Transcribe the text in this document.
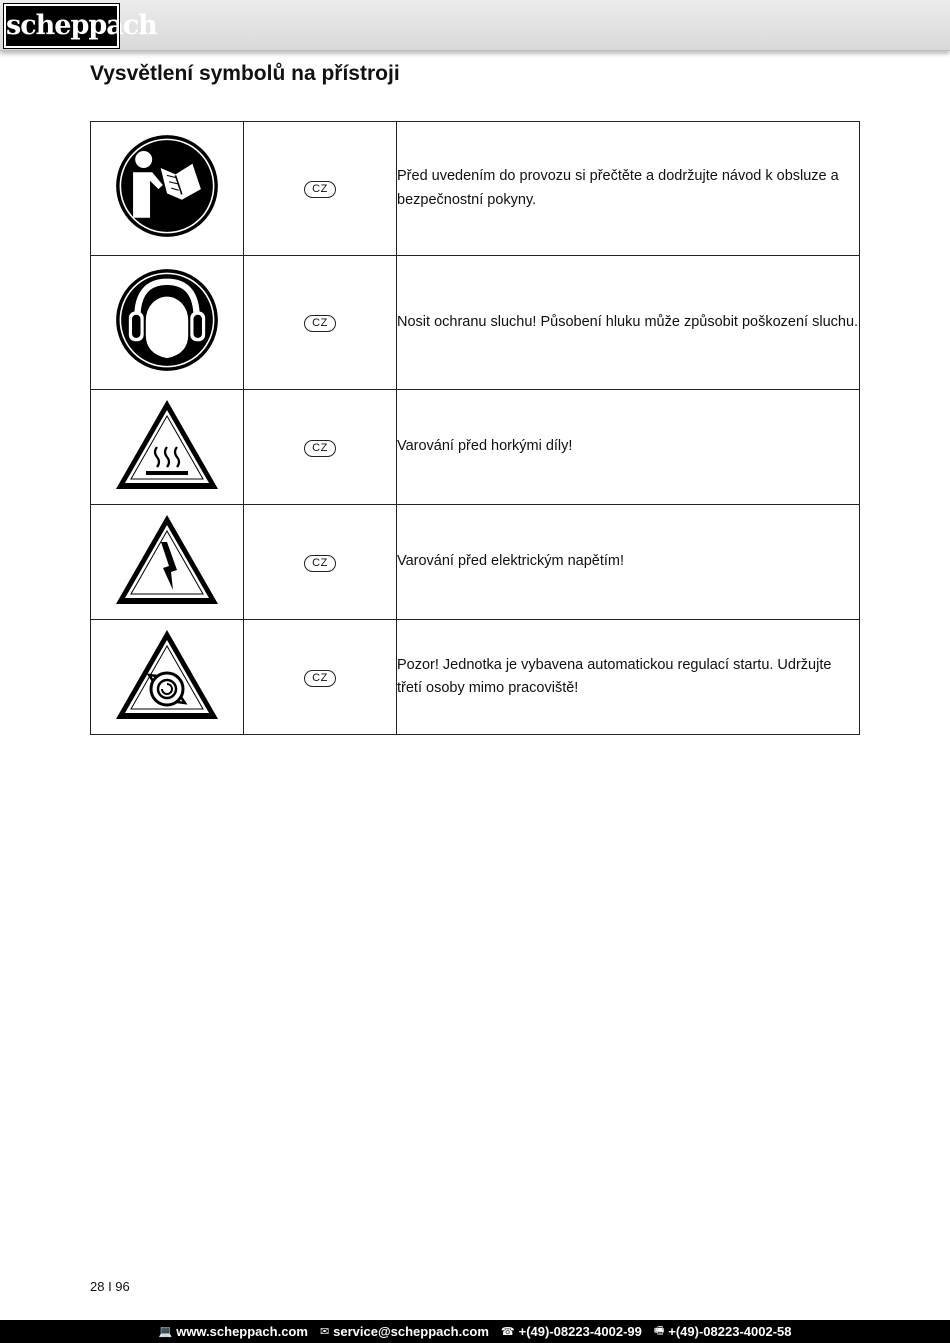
scheppach
Vysvětlení symbolů na přístroji
	CZ	Před uvedením do provozu si přečtěte a dodržujte návod k obsluze a bezpečnostní pokyny.
	CZ	Nosit ochranu sluchu! Působení hluku může způsobit poškození sluchu.
	CZ	Varování před horkými díly!
	CZ	Varování před elektrickým napětím!
	CZ	Pozor! Jednotka je vybavena automatickou regulací startu. Udržujte třetí osoby mimo pracoviště!
28 I 96
💻 www.scheppach.com ✉ service@scheppach.com ☎ +(49)-08223-4002-99 🖷 +(49)-08223-4002-58
